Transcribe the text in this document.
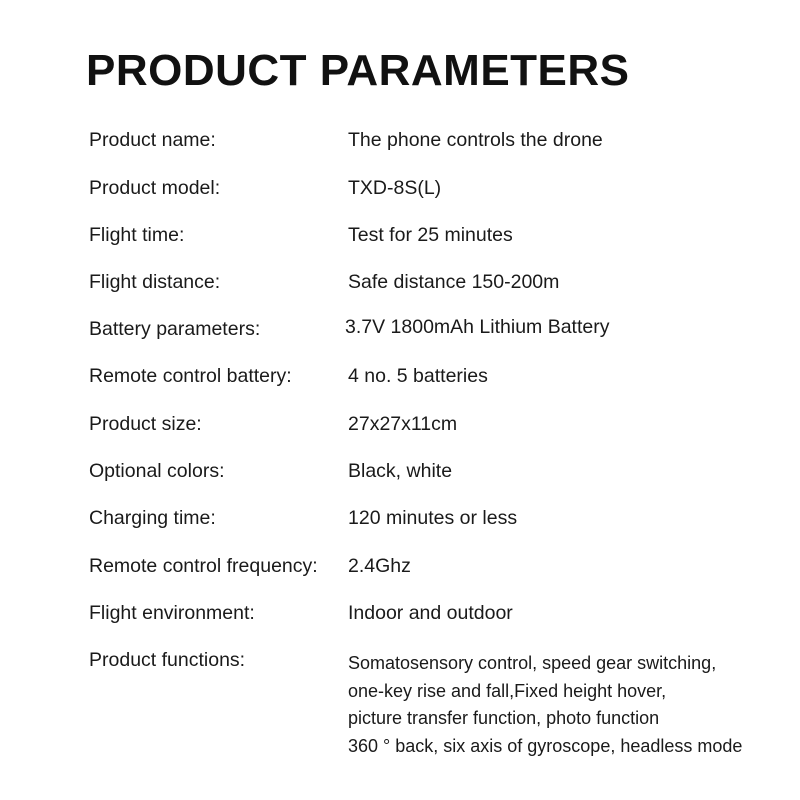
PRODUCT PARAMETERS
Product name:	The phone controls the drone
Product model:	TXD-8S(L)
Flight time:	Test for 25 minutes
Flight distance:	Safe distance 150-200m
Battery parameters:	3.7V 1800mAh Lithium Battery
Remote control battery:	4 no. 5 batteries
Product size:	27x27x11cm
Optional colors:	Black, white
Charging time:	120 minutes or less
Remote control frequency: 2.4Ghz
Flight environment:	Indoor and outdoor
Product functions:	Somatosensory control, speed gear switching,
one-key rise and fall,Fixed height hover,
picture transfer function, photo function
360 ° back, six axis of gyroscope, headless mode
